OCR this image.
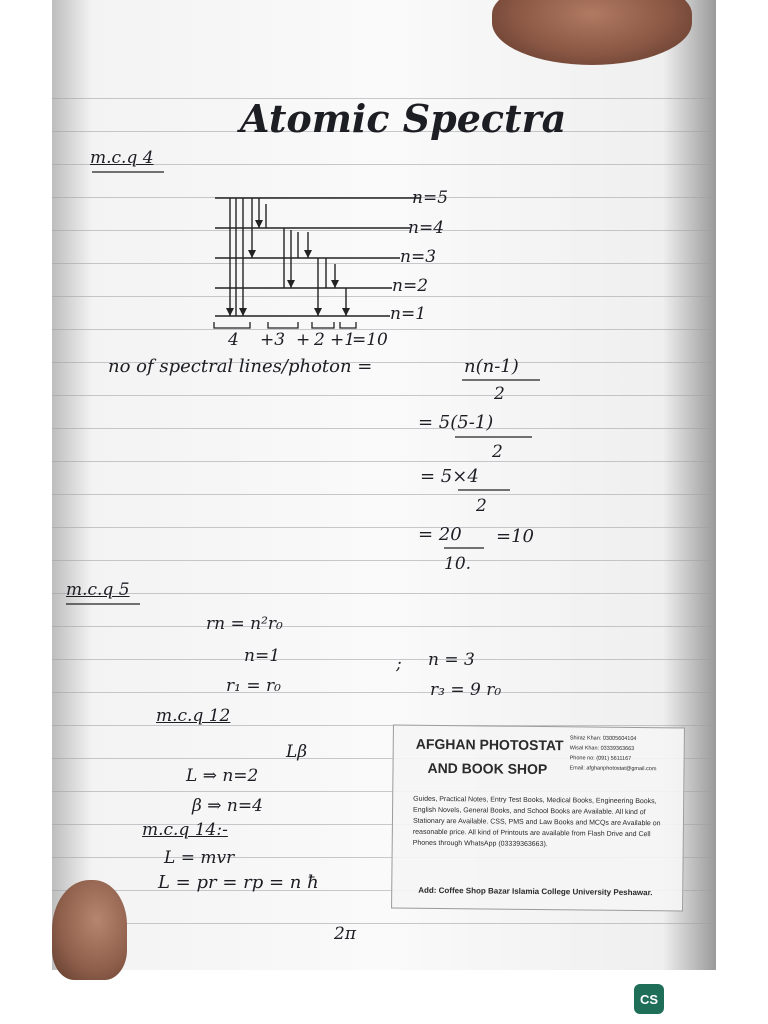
Atomic Spectra
m.c.q 4
n=5
n=4
n=3
n=2
n=1
4 +3 + 2 +1
=10
no of spectral lines/photon =	n(n-1)
2
= 5(5-1)
2
= 5×4
2
= 20 =10
10.
m.c.q 5
rn = n²r₀
n=1	; n = 3
r₁ = r₀	r₃ = 9 r₀
m.c.q 12
Lβ
L ⇒ n=2
β ⇒ n=4
m.c.q 14:-
L = mvr
L = pr = rp = n ħ
2π
AFGHAN PHOTOSTAT
AND BOOK SHOP
Shiraz Khan: 03005604104
Wisal Khan: 03339363663
Phone no: (091) 5611167
Email: afghanphotostat@gmail.com
Guides, Practical Notes, Entry Test Books, Medical Books, Engineering Books, English Novels, General Books, and School Books are Available. All kind of Stationary are Available. CSS, PMS and Law Books and MCQs are Available on reasonable price. All kind of Printouts are available from Flash Drive and Cell Phones through WhatsApp (03339363663).
Add: Coffee Shop Bazar Islamia College University Peshawar.
CS
